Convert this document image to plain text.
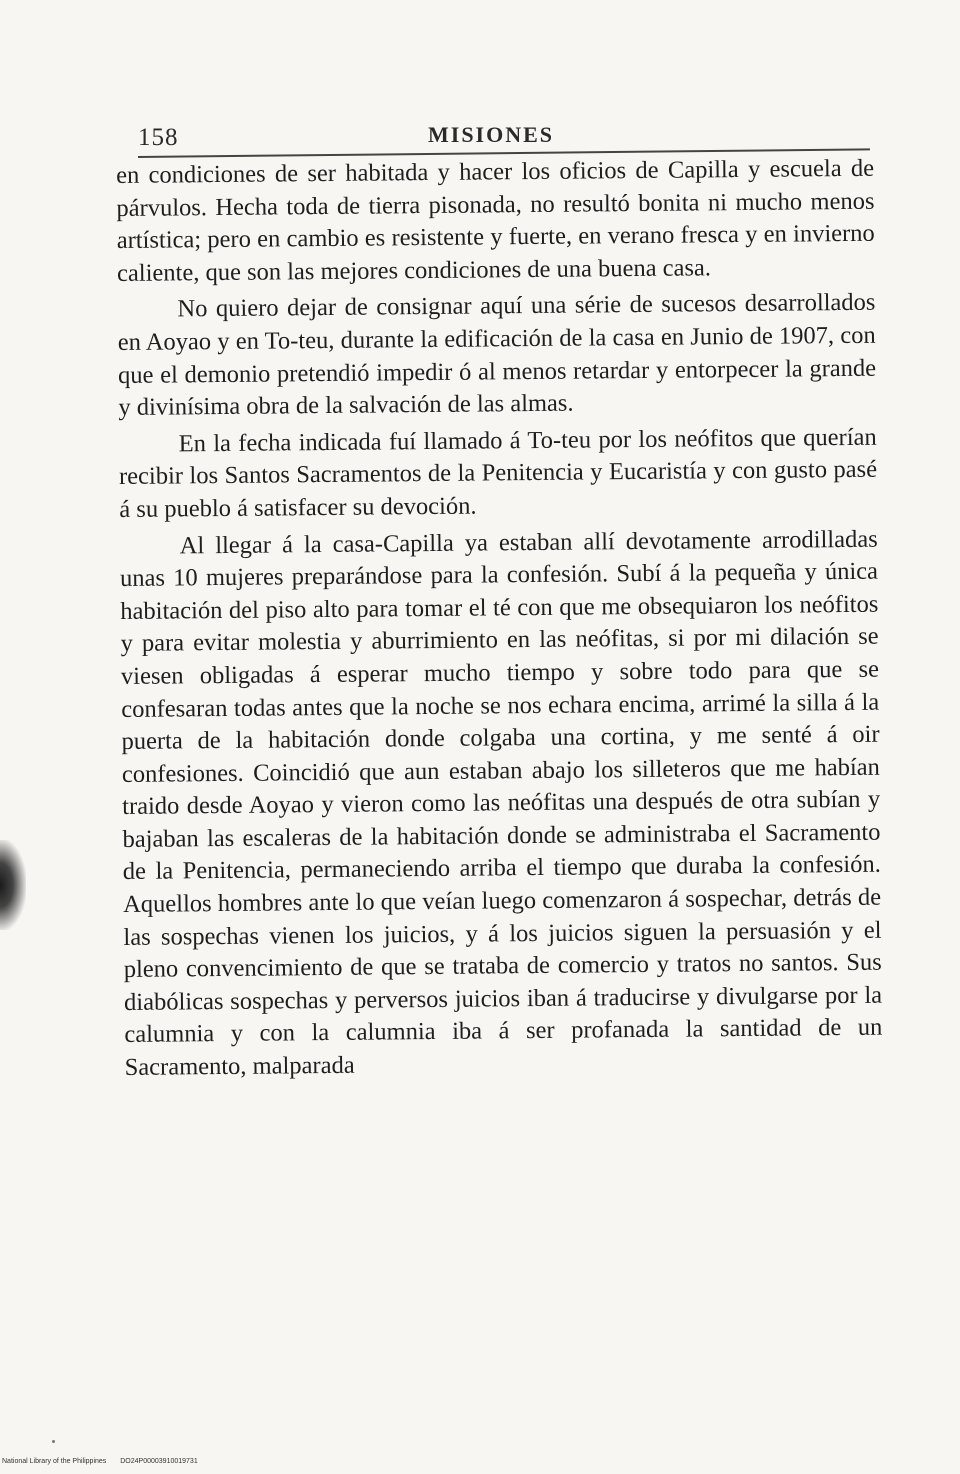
158	MISIONES

en condiciones de ser habitada y hacer los oficios de Capilla y escuela de párvulos. Hecha toda de tierra pisonada, no resultó bonita ni mucho menos artística; pero en cambio es resistente y fuerte, en verano fresca y en invierno caliente, que son las mejores condiciones de una buena casa.

No quiero dejar de consignar aquí una série de sucesos desarrollados en Aoyao y en To-teu, durante la edificación de la casa en Junio de 1907, con que el demonio pretendió impedir ó al menos retardar y entorpecer la grande y divinísima obra de la salvación de las almas.

En la fecha indicada fuí llamado á To-teu por los neófitos que querían recibir los Santos Sacramentos de la Penitencia y Eucaristía y con gusto pasé á su pueblo á satisfacer su devoción.

Al llegar á la casa-Capilla ya estaban allí devotamente arrodilladas unas 10 mujeres preparándose para la confesión. Subí á la pequeña y única habitación del piso alto para tomar el té con que me obsequiaron los neófitos y para evitar molestia y aburrimiento en las neófitas, si por mi dilación se viesen obligadas á esperar mucho tiempo y sobre todo para que se confesaran todas antes que la noche se nos echara encima, arrimé la silla á la puerta de la habitación donde colgaba una cortina, y me senté á oir confesiones. Coincidió que aun estaban abajo los silleteros que me habían traido desde Aoyao y vieron como las neófitas una después de otra subían y bajaban las escaleras de la habitación donde se administraba el Sacramento de la Penitencia, permaneciendo arriba el tiempo que duraba la confesión. Aquellos hombres ante lo que veían luego comenzaron á sospechar, detrás de las sospechas vienen los juicios, y á los juicios siguen la persuasión y el pleno convencimiento de que se trataba de comercio y tratos no santos. Sus diabólicas sospechas y perversos juicios iban á traducirse y divulgarse por la calumnia y con la calumnia iba á ser profanada la santidad de un Sacramento, malparada

National Library of the Philippines DO24P00003910019731
